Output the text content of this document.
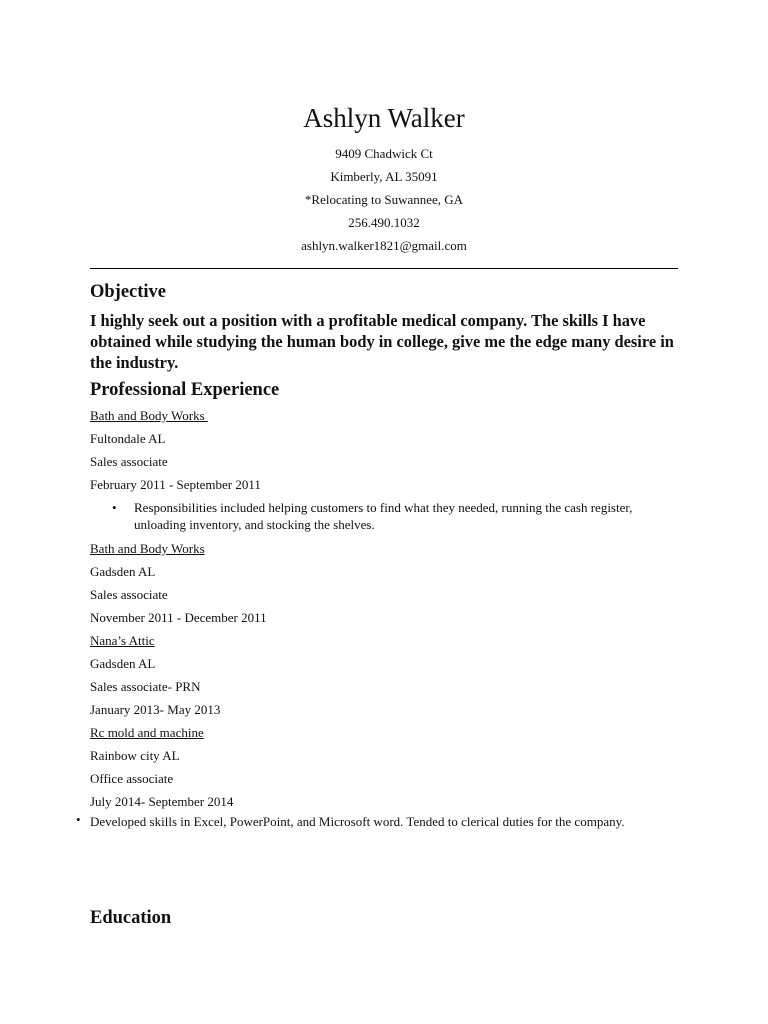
Ashlyn Walker

9409 Chadwick Ct

Kimberly, AL 35091

*Relocating to Suwannee, GA

256.490.1032

ashlyn.walker1821@gmail.com

Objective

I highly seek out a position with a profitable medical company. The skills I have obtained while studying the human body in college, give me the edge many desire in the industry.

Professional Experience
Bath and Body Works
Fultondale AL
Sales associate
February 2011 - September 2011
• Responsibilities included helping customers to find what they needed, running the cash register,
unloading inventory, and stocking the shelves.
Bath and Body Works
Gadsden AL
Sales associate
November 2011 - December 2011
Nana’s Attic
Gadsden AL
Sales associate- PRN
January 2013- May 2013
Rc mold and machine
Rainbow city AL
Office associate
July 2014- September 2014
• Developed skills in Excel, PowerPoint, and Microsoft word. Tended to clerical duties for the company.
Education
